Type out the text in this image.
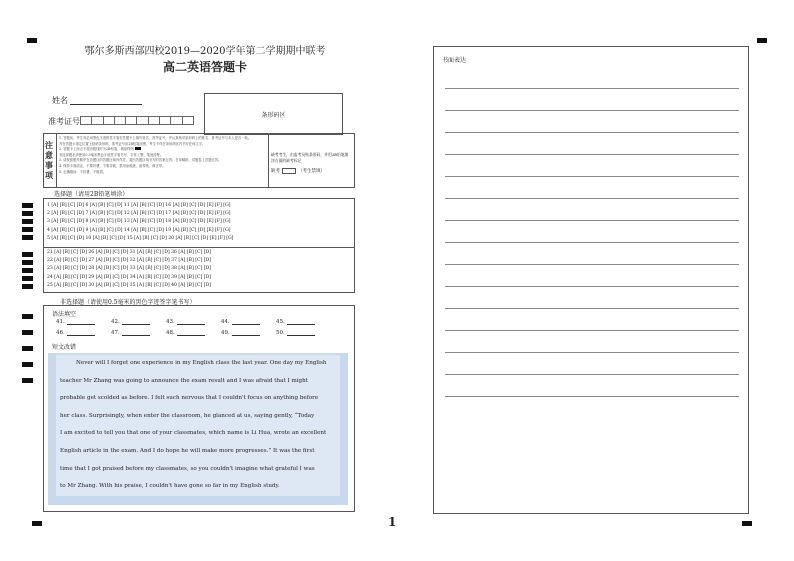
鄂尔多斯西部四校2019—2020学年第二学期期中联考
高二英语答题卡
姓名
准考证号
条形码区
注意事项
1. 答题前，考生务必用黑色字迹的签字笔在答题卡上填写姓名、准考证号，并认真核对条形码上的姓名、准考证号与本人是否一致。
并在答题卡指定位置上粘贴条形码，准考证号用2B铅笔涂黑，考生不得在条形码区内书写任何文字。
2. 答题卡上涂点不超出框线时为2B铅笔，填涂样例
非选择题必须使用0.5毫米黑色字迹签字笔书写，字体工整、笔迹清楚。
3. 请按照题号顺序在各题目的答题区域内作答，超出答题区域书写的答案无效；在草稿纸、试题卷上答题无效。
4. 保持卡面清洁，不要折叠、不要弄破，禁用涂改液、胶带纸、修正带。
5. 正确填涂：不折叠，不破损。
缺考考生，由监考员贴条形码，并用2B铅笔填涂右面的缺考标记
缺考	（考生禁填）
选择题（请用2B铅笔填涂）
1 [A] [B] [C] [D] 6 [A] [B] [C] [D] 11 [A] [B] [C] [D] 16 [A] [B] [C] [D] [E] [F] [G]
2 [A] [B] [C] [D] 7 [A] [B] [C] [D] 12 [A] [B] [C] [D] 17 [A] [B] [C] [D] [E] [F] [G]
3 [A] [B] [C] [D] 8 [A] [B] [C] [D] 13 [A] [B] [C] [D] 18 [A] [B] [C] [D] [E] [F] [G]
4 [A] [B] [C] [D] 9 [A] [B] [C] [D] 14 [A] [B] [C] [D] 19 [A] [B] [C] [D] [E] [F] [G]
5 [A] [B] [C] [D] 10 [A] [B] [C] [D] 15 [A] [B] [C] [D] 20 [A] [B] [C] [D] [E] [F] [G]
21 [A] [B] [C] [D] 26 [A] [B] [C] [D] 31 [A] [B] [C] [D] 36 [A] [B] [C] [D]
22 [A] [B] [C] [D] 27 [A] [B] [C] [D] 32 [A] [B] [C] [D] 37 [A] [B] [C] [D]
23 [A] [B] [C] [D] 28 [A] [B] [C] [D] 33 [A] [B] [C] [D] 38 [A] [B] [C] [D]
24 [A] [B] [C] [D] 29 [A] [B] [C] [D] 34 [A] [B] [C] [D] 39 [A] [B] [C] [D]
25 [A] [B] [C] [D] 30 [A] [B] [C] [D] 35 [A] [B] [C] [D] 40 [A] [B] [C] [D]
非选择题（请使用0.5毫米的黑色字迹签字笔书写）
语法填空
41.	42.	43.	44.	45.
46.	47.	48.	49.	50.
短文改错
Never will I forget one experience in my English class the last year. One day my English
teacher Mr Zhang was going to announce the exam result and I was afraid that I might
probable get scolded as before. I felt such nervous that I couldn't focus on anything before
her class. Surprisingly, when enter the classroom, he glanced at us, saying gently, “Today
I am excited to tell you that one of your classmates, which name is Li Hua, wrote an excellent
English article in the exam. And I do hope he will make more progresses.” It was the first
time that I got praised before my classmates, so you couldn't imagine what grateful I was
to Mr Zhang. With his praise, I couldn't have gone so far in my English study.
书面表达
1
